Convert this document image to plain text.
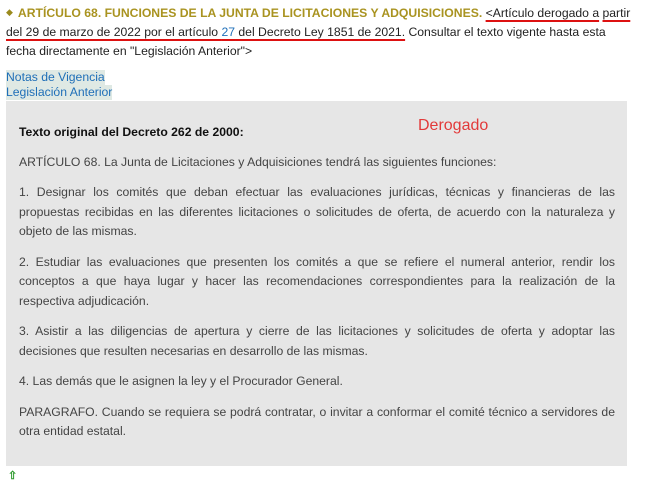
◆ ARTÍCULO 68. FUNCIONES DE LA JUNTA DE LICITACIONES Y ADQUISICIONES. <Artículo derogado a partir del 29 de marzo de 2022 por el artículo 27 del Decreto Ley 1851 de 2021. Consultar el texto vigente hasta esta fecha directamente en "Legislación Anterior">
Notas de Vigencia
Legislación Anterior
Derogado
Texto original del Decreto 262 de 2000:

ARTÍCULO 68. La Junta de Licitaciones y Adquisiciones tendrá las siguientes funciones:

1. Designar los comités que deban efectuar las evaluaciones jurídicas, técnicas y financieras de las propuestas recibidas en las diferentes licitaciones o solicitudes de oferta, de acuerdo con la naturaleza y objeto de las mismas.

2. Estudiar las evaluaciones que presenten los comités a que se refiere el numeral anterior, rendir los conceptos a que haya lugar y hacer las recomendaciones correspondientes para la realización de la respectiva adjudicación.

3. Asistir a las diligencias de apertura y cierre de las licitaciones y solicitudes de oferta y adoptar las decisiones que resulten necesarias en desarrollo de las mismas.

4. Las demás que le asignen la ley y el Procurador General.

PARAGRAFO. Cuando se requiera se podrá contratar, o invitar a conformar el comité técnico a servidores de otra entidad estatal.

⇧
